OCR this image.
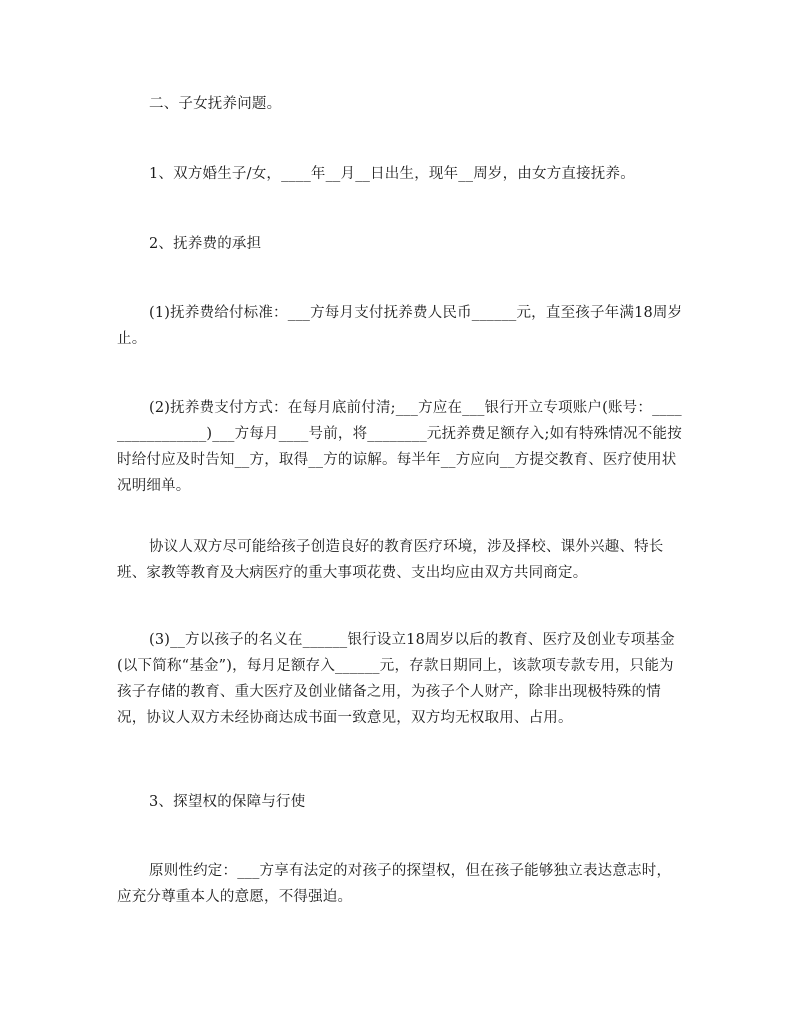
二、子女抚养问题。

1、双方婚生子/女，____年__月__日出生，现年__周岁，由女方直接抚养。

2、抚养费的承担

(1)抚养费给付标准：___方每月支付抚养费人民币______元，直至孩子年满18周岁止。

(2)抚养费支付方式：在每月底前付清;___方应在___银行开立专项账户(账号：________________)___方每月____号前，将________元抚养费足额存入;如有特殊情况不能按时给付应及时告知__方，取得__方的谅解。每半年__方应向__方提交教育、医疗使用状况明细单。

协议人双方尽可能给孩子创造良好的教育医疗环境，涉及择校、课外兴趣、特长班、家教等教育及大病医疗的重大事项花费、支出均应由双方共同商定。

(3)__方以孩子的名义在______银行设立18周岁以后的教育、医疗及创业专项基金(以下简称“基金”)，每月足额存入______元，存款日期同上，该款项专款专用，只能为孩子存储的教育、重大医疗及创业储备之用，为孩子个人财产，除非出现极特殊的情况，协议人双方未经协商达成书面一致意见，双方均无权取用、占用。

3、探望权的保障与行使

原则性约定：___方享有法定的对孩子的探望权，但在孩子能够独立表达意志时，应充分尊重本人的意愿，不得强迫。
